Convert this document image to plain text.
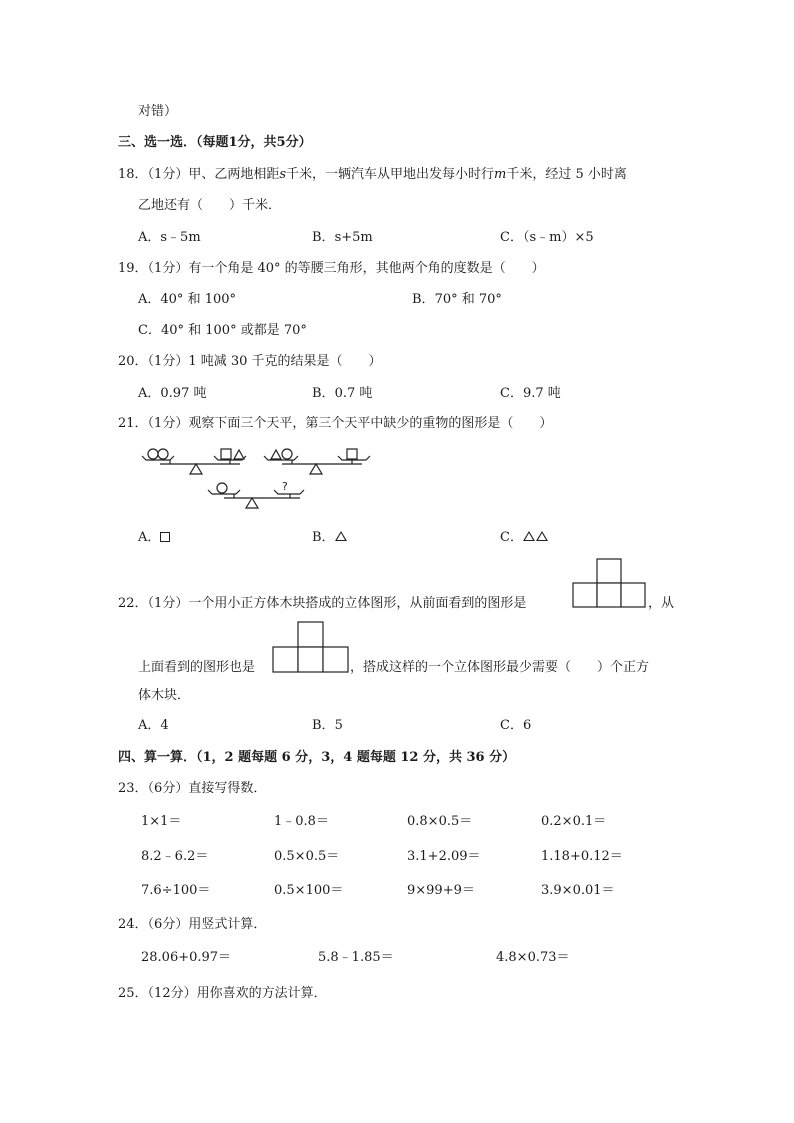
对错）
三、选一选．（每题1分，共5分）
18．（1分）甲、乙两地相距s千米，一辆汽车从甲地出发每小时行m千米，经过 5 小时离
乙地还有（　　）千米．
A．s﹣5m	B．s+5m	C．（s﹣m）×5
19．（1分）有一个角是 40° 的等腰三角形，其他两个角的度数是（　　）
A．40° 和 100°	B．70° 和 70°
C．40° 和 100° 或都是 70°
20．（1分）1 吨减 30 千克的结果是（　　）
A．0.97 吨	B．0.7 吨	C．9.7 吨
21．（1分）观察下面三个天平，第三个天平中缺少的重物的图形是（　　）
?
A．	B．	C．
22．（1分）一个用小正方体木块搭成的立体图形，从前面看到的图形是	，从
上面看到的图形也是	，搭成这样的一个立体图形最少需要（　　）个正方
体木块．
A．4	B．5	C．6
四、算一算．（1，2 题每题 6 分，3，4 题每题 12 分，共 36 分）
23．（6分）直接写得数．
1×1＝	1﹣0.8＝	0.8×0.5＝	0.2×0.1＝
8.2﹣6.2＝	0.5×0.5＝	3.1+2.09＝	1.18+0.12＝
7.6÷100＝	0.5×100＝	9×99+9＝	3.9×0.01＝
24．（6分）用竖式计算．
28.06+0.97＝	5.8﹣1.85＝	4.8×0.73＝
25．（12分）用你喜欢的方法计算．
